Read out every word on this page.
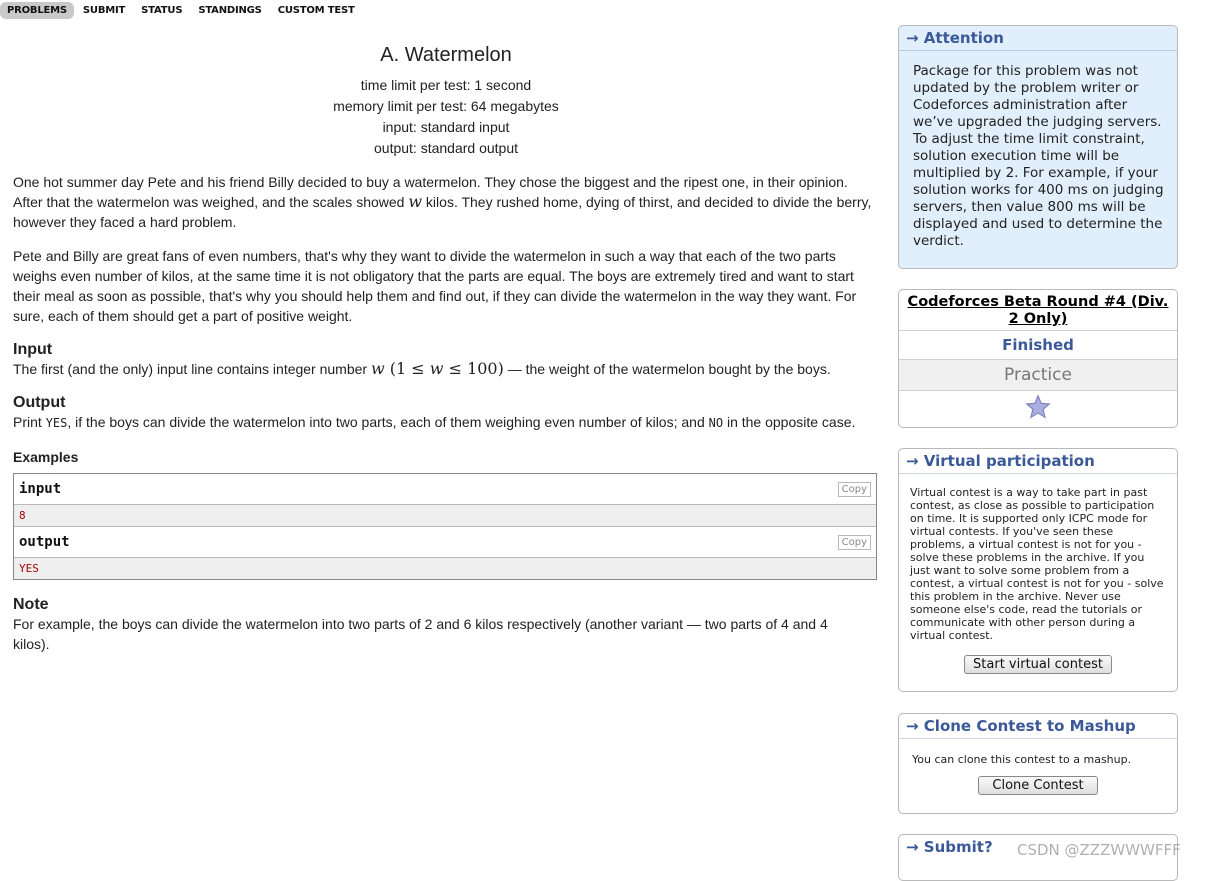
PROBLEMS	SUBMIT	STATUS	STANDINGS	CUSTOM TEST
A. Watermelon
time limit per test: 1 second
memory limit per test: 64 megabytes
input: standard input
output: standard output

One hot summer day Pete and his friend Billy decided to buy a watermelon. They chose the biggest and the ripest one, in their opinion. After that the watermelon was weighed, and the scales showed w kilos. They rushed home, dying of thirst, and decided to divide the berry, however they faced a hard problem.

Pete and Billy are great fans of even numbers, that's why they want to divide the watermelon in such a way that each of the two parts weighs even number of kilos, at the same time it is not obligatory that the parts are equal. The boys are extremely tired and want to start their meal as soon as possible, that's why you should help them and find out, if they can divide the watermelon in the way they want. For sure, each of them should get a part of positive weight.

Input

The first (and the only) input line contains integer number w (1 ≤ w ≤ 100) — the weight of the watermelon bought by the boys.

Output

Print YES, if the boys can divide the watermelon into two parts, each of them weighing even number of kilos; and NO in the opposite case.

Examples
input	Copy
8
output	Copy
YES
Note

For example, the boys can divide the watermelon into two parts of 2 and 6 kilos respectively (another variant — two parts of 4 and 4 kilos).

→ Attention
Package for this problem was not updated by the problem writer or Codeforces administration after we’ve upgraded the judging servers. To adjust the time limit constraint, solution execution time will be multiplied by 2. For example, if your solution works for 400 ms on judging servers, then value 800 ms will be displayed and used to determine the verdict.
Codeforces Beta Round #4 (Div. 2 Only)
Finished
Practice
→ Virtual participation
Virtual contest is a way to take part in past contest, as close as possible to participation on time. It is supported only ICPC mode for virtual contests. If you've seen these problems, a virtual contest is not for you - solve these problems in the archive. If you just want to solve some problem from a contest, a virtual contest is not for you - solve this problem in the archive. Never use someone else's code, read the tutorials or communicate with other person during a virtual contest.
Start virtual contest
→ Clone Contest to Mashup
You can clone this contest to a mashup.
Clone Contest
→ Submit?	CSDN @ZZZWWWFFF
